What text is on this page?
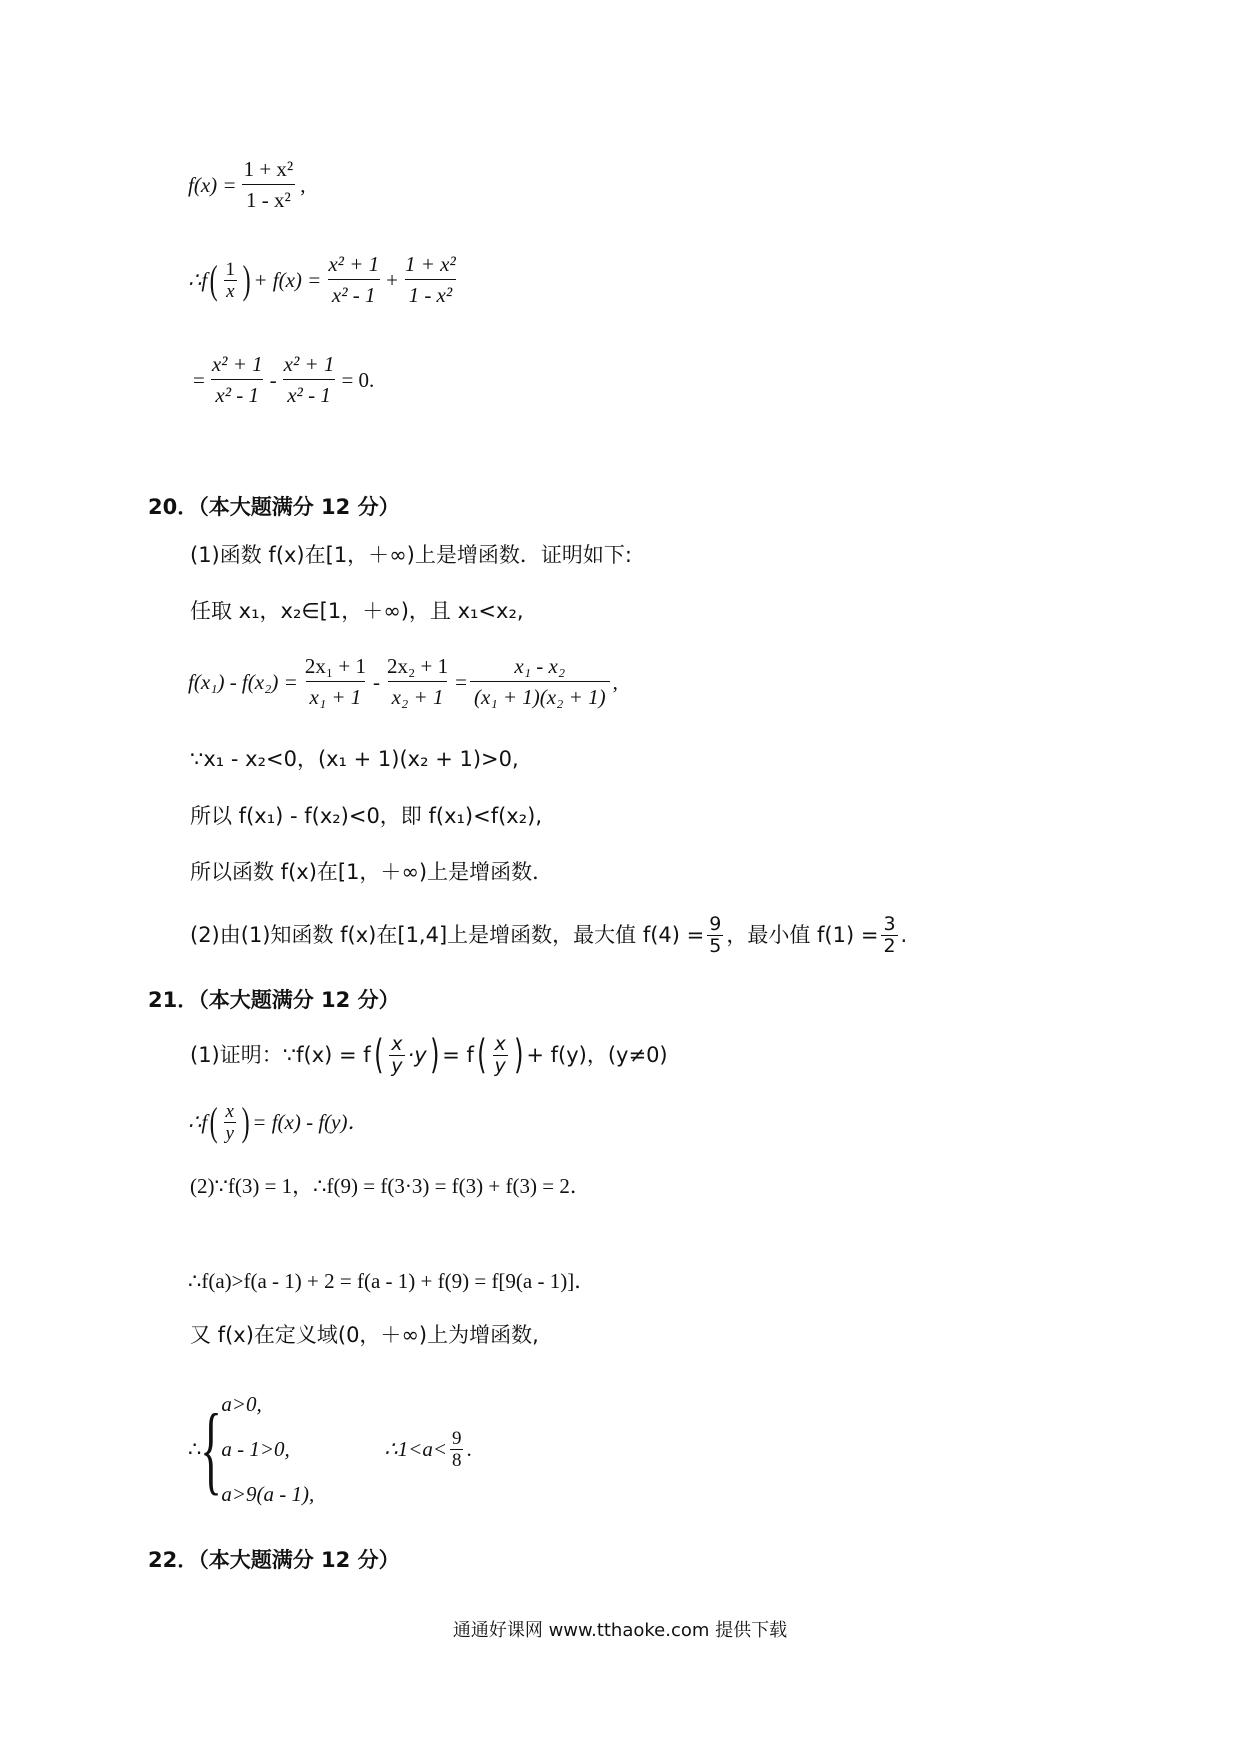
$f(x) = \frac{\text{1 + x²}}{\text{1 - x²}}$ ,
∴f ( $\frac{1}{x}$ ) + $f(x) = \frac{\text{x² + 1}}{\text{x² - 1}} + \frac{\text{1 + x²}}{\text{1 - x²}}$
= $\frac{\text{x² + 1}}{\text{x² - 1}} - \frac{\text{x² + 1}}{\text{x² - 1}} = 0$.
20．（本大题满分 12 分）
(1)函数 f(x)在[1，＋∞)上是增函数．证明如下:
任取 x₁，x₂∈[1，＋∞)，且 x₁<x₂,
$f(x_1) - f(x_2) = \frac{\text{2x₁ + 1}}{\text{x₁ + 1}} - \frac{\text{2x₂ + 1}}{\text{x₂ + 1}} = \frac{\text{x₁ - x₂}}{\text{(x₁ + 1)(x₂ + 1)}}$ ,
∵x₁ - x₂<0，(x₁ + 1)(x₂ + 1)>0,
所以 f(x₁) - f(x₂)<0，即 f(x₁)<f(x₂),
所以函数 f(x)在[1，＋∞)上是增函数．
(2)由(1)知函数 f(x)在[1,4]上是增函数，最大值 $f(4) = \frac{9}{5}$ ，最小值 $f(1) = \frac{3}{2}$ .
21．（本大题满分 12 分）
(1)证明：∵f(x) = f ( $\frac{x}{y} \cdot y$ ) = f ( $\frac{x}{y}$ ) + f(y)，(y≠0)
∴f ( $\frac{x}{y}$ ) = f(x) - f(y)．
(2)∵f(3) = 1，∴f(9) = f(3·3) = f(3) + f(3) = 2．
∴f(a)>f(a - 1) + 2 = f(a - 1) + f(9) = f[9(a - 1)]．
又 f(x)在定义域(0，＋∞)上为增函数,
∴ { a>0,
a - 1>0,
a>9(a - 1),
∴1<a< $\frac{9}{8}$ .
22．（本大题满分 12 分）
通通好课网 www.tthaoke.com 提供下载
